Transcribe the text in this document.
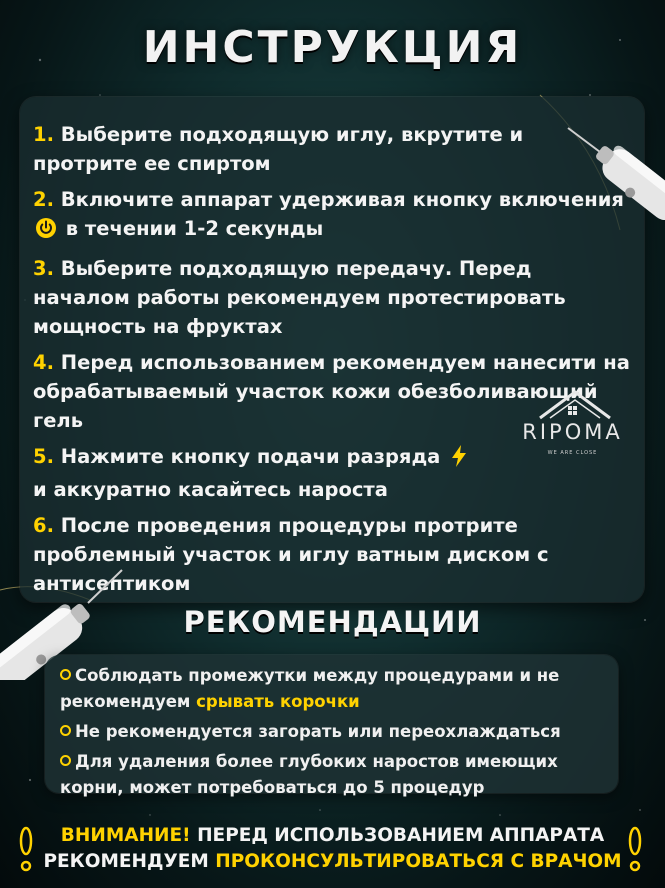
ИНСТРУКЦИЯ
1. Выберите подходящую иглу, вкрутите и протрите ее спиртом
2. Включите аппарат удерживая кнопку включения  в течении 1-2 секунды
3. Выберите подходящую передачу. Перед началом работы рекомендуем протестировать мощность на фруктах
4. Перед использованием рекомендуем нанесити на обрабатываемый участок кожи обезболивающий гель
5. Нажмите кнопку подачи разряда
и аккуратно касайтесь нароста
6. После проведения процедуры протрите проблемный участок и иглу ватным диском с антисептиком
RIPOMA
WE ARE CLOSE
РЕКОМЕНДАЦИИ
Соблюдать промежутки между процедурами и не рекомендуем срывать корочки
Не рекомендуется загорать или переохлаждаться
Для удаления более глубоких наростов имеющих корни, может потребоваться до 5 процедур
ВНИМАНИЕ! ПЕРЕД ИСПОЛЬЗОВАНИЕМ АППАРАТА
РЕКОМЕНДУЕМ ПРОКОНСУЛЬТИРОВАТЬСЯ С ВРАЧОМ
